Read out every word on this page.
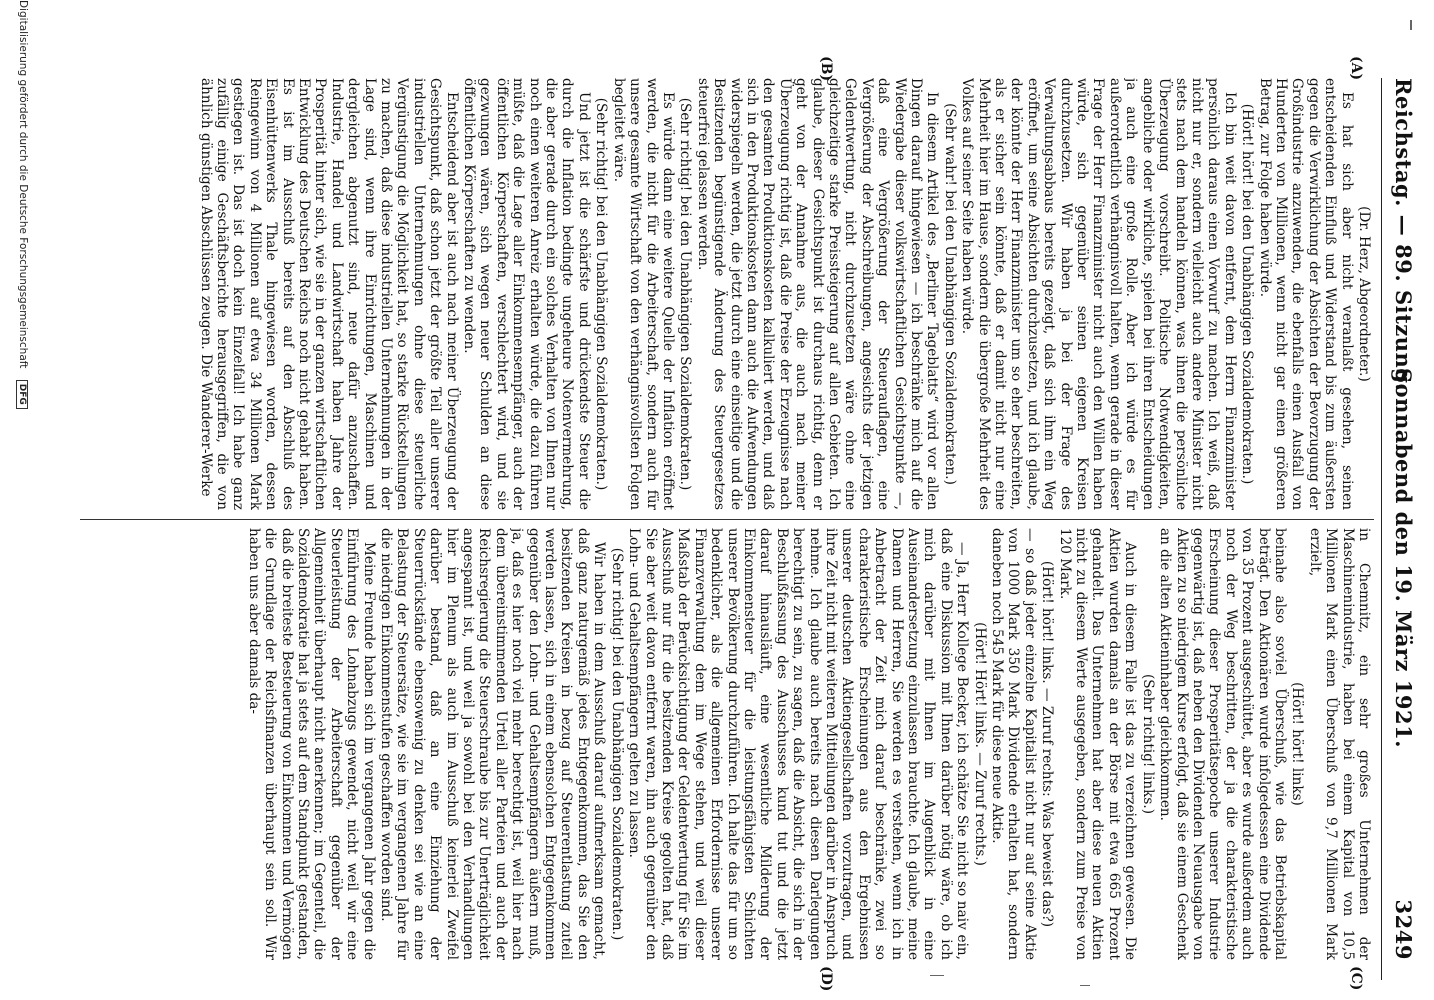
Reichstag. — 89. Sitzung.
Sonnabend den 19. März 1921.
3249
(A)
(B)
(C)
(D)

(Dr. Herz, Abgeordneter.)

Es hat sich aber nicht veranlaßt gesehen, seinen entscheidenden Einfluß und Widerstand bis zum äußersten gegen die Verwirklichung der Absichten der Bevorzugung der Großindustrie anzuwenden, die ebenfalls einen Ausfall von Hunderten von Millionen, wenn nicht gar einen größeren Betrag, zur Folge haben würde.

(Hört! hört! bei den Unabhängigen Sozialdemokraten.)

Ich bin weit davon entfernt, dem Herrn Finanzminister persönlich daraus einen Vorwurf zu machen. Ich weiß, daß nicht nur er, sondern vielleicht auch andere Minister nicht stets nach dem handeln können, was ihnen die persönliche Überzeugung vorschreibt. Politische Notwendigkeiten, angebliche oder wirkliche, spielen bei ihren Entscheidungen ja auch eine große Rolle. Aber ich würde es für außerordentlich verhängnisvoll halten, wenn gerade in dieser Frage der Herr Finanzminister nicht auch den Willen haben würde, sich gegenüber seinen eigenen Kreisen durchzusetzen. Wir haben ja bei der Frage des Verwaltungsabbaus bereits gezeigt, daß sich ihm ein Weg eröffnet, um seine Absichten durchzusetzen, und ich glaube, der könnte der Herr Finanzminister um so eher beschreiten, als er sicher sein könnte, daß er damit nicht nur eine Mehrheit hier im Hause, sondern die übergroße Mehrheit des Volkes auf seiner Seite haben würde.

(Sehr wahr! bei den Unabhängigen Sozialdemokraten.)

In diesem Artikel des „Berliner Tageblatts“ wird vor allen Dingen darauf hingewiesen — ich beschränke mich auf die Wiedergabe dieser volkswirtschaftlichen Gesichtspunkte —, daß eine Vergrößerung der Steuerauflagen, eine Vergrößerung der Abschreibungen, angesichts der jetzigen Geldentwertung, nicht durchzusetzen wäre ohne eine gleichzeitige starke Preissteigerung auf allen Gebieten. Ich glaube, dieser Gesichtspunkt ist durchaus richtig, denn er geht von der Annahme aus, die auch nach meiner Überzeugung richtig ist, daß die Preise der Erzeugnisse nach den gesamten Produktionskosten kalkuliert werden, und daß sich in den Produktionskosten dann auch die Aufwendungen widerspiegeln werden, die jetzt durch eine einseitige und die Besitzenden begünstigende Änderung des Steuergesetzes steuerfrei gelassen werden.

(Sehr richtig! bei den Unabhängigen Sozialdemokraten.)

Es würde dann eine weitere Quelle der Inflation eröffnet werden, die nicht für die Arbeiterschaft, sondern auch für unsere gesamte Wirtschaft von den verhängnisvollsten Folgen begleitet wäre.

(Sehr richtig! bei den Unabhängigen Sozialdemokraten.)

Und jetzt ist die schärfste und drückendste Steuer die durch die Inflation bedingte ungeheure Notenvermehrung, die aber gerade durch ein solches Verhalten von Ihnen nur noch einen weiteren Anreiz erhalten würde, die dazu führen müßte, daß die Lage aller Einkommensempfänger, auch der öffentlichen Körperschaften, verschlechtert wird, und sie gezwungen wären, sich wegen neuer Schulden an diese öffentlichen Körperschaften zu wenden.

Entscheidend aber ist auch nach meiner Überzeugung der Gesichtspunkt, daß schon jetzt der größte Teil aller unserer industriellen Unternehmungen ohne diese steuerliche Vergünstigung die Möglichkeit hat, so starke Rückstellungen zu machen, daß diese industriellen Unternehmungen in der Lage sind, wenn ihre Einrichtungen, Maschinen und dergleichen abgenutzt sind, neue dafür anzuschaffen. Industrie, Handel und Landwirtschaft haben Jahre der Prosperität hinter sich, wie sie in der ganzen wirtschaftlichen Entwicklung des Deutschen Reichs noch nicht gehabt haben. Es ist im Ausschuß bereits auf den Abschluß des Eisenhüttenwerks Thale hingewiesen worden, dessen Reingewinn von 4 Millionen auf etwa 34 Millionen Mark gestiegen ist. Das ist doch kein Einzelfall! Ich habe ganz zufällig einige Geschäftsberichte herausgegriffen, die von ähnlich günstigen Abschlüssen zeugen. Die Wanderer-Werke

in Chemnitz, ein sehr großes Unternehmen der Maschinenindustrie, haben bei einem Kapital von 10,5 Millionen Mark einen Überschuß von 9,7 Millionen Mark erzielt,

(Hört! hört! links)

beinahe also soviel Überschuß, wie das Betriebskapital beträgt. Den Aktionären wurde infolgedessen eine Dividende von 35 Prozent ausgeschüttet, aber es wurde außerdem auch noch der Weg beschritten, der ja die charakteristische Erscheinung dieser Prosperitätsepoche unserer Industrie gegenwärtig ist, daß neben den Dividenden Neuausgabe von Aktien zu so niedrigem Kurse erfolgt, daß sie einem Geschenk an die alten Aktieninhaber gleichkommen.

(Sehr richtig! links.)

Auch in diesem Falle ist das zu verzeichnen gewesen. Die Aktien wurden damals an der Börse mit etwa 665 Prozent gehandelt. Das Unternehmen hat aber diese neuen Aktien nicht zu diesem Werte ausgegeben, sondern zum Preise von 120 Mark.

(Hört! hört! links. — Zuruf rechts: Was beweist das?)

— so daß jeder einzelne Kapitalist nicht nur auf seine Aktie von 1000 Mark 350 Mark Dividende erhalten hat, sondern daneben noch 545 Mark für diese neue Aktie.

(Hört! Hört! links. — Zuruf rechts.)

— Ja, Herr Kollege Becker, ich schätze Sie nicht so naiv ein, daß eine Diskussion mit Ihnen darüber nötig wäre, ob ich mich darüber mit Ihnen im Augenblick in eine Auseinandersetzung einzulassen brauchte. Ich glaube, meine Damen und Herren, Sie werden es verstehen, wenn ich in Anbetracht der Zeit mich darauf beschränke, zwei so charakteristische Erscheinungen aus den Ergebnissen unserer deutschen Aktiengesellschaften vorzutragen, und ihre Zeit nicht mit weiteren Mitteilungen darüber in Anspruch nehme. Ich glaube auch bereits nach diesen Darlegungen berechtigt zu sein, zu sagen, daß die Absicht, die sich in der Beschlußfassung des Ausschusses kund tut und die jetzt darauf hinausläuft, eine wesentliche Milderung der Einkommensteuer für die leistungsfähigsten Schichten unserer Bevölkerung durchzuführen. Ich halte das für um so bedenklicher, als die allgemeinen Erfordernisse unserer Finanzverwaltung dem im Wege stehen, und weil dieser Maßstab der Berücksichtigung der Geldentwertung für Sie im Ausschuß nur für die besitzenden Kreise gegolten hat, daß Sie aber weit davon entfernt waren, ihn auch gegenüber den Lohn- und Gehaltsempfängern gelten zu lassen.

(Sehr richtig! bei den Unabhängigen Sozialdemokraten.)

Wir haben in dem Ausschuß darauf aufmerksam gemacht, daß ganz naturgemäß jedes Entgegenkommen, das Sie den besitzenden Kreisen in bezug auf Steuerentlastung zuteil werden lassen, sich in einem ebensolchen Entgegenkommen gegenüber den Lohn- und Gehaltsempfängern äußern muß, ja, daß es hier noch viel mehr berechtigt ist, weil hier nach dem übereinstimmenden Urteil aller Parteien und auch der Reichsregierung die Steuerschraube bis zur Unerträglichkeit angespannt ist, und weil ja sowohl bei den Verhandlungen hier im Plenum als auch im Ausschuß keinerlei Zweifel darüber bestand, daß an eine Einziehung der Steuerrückstände ebensowenig zu denken sei wie an eine Belastung der Steuersätze, wie sie im vergangenen Jahre für die niedrigen Einkommenstufen geschaffen worden sind.

Meine Freunde haben sich im vergangenen Jahr gegen die Einführung des Lohnabzugs gewendet, nicht weil wir eine Steuerleistung der Arbeiterschaft gegenüber der Allgemeinheit überhaupt nicht anerkennen; im Gegenteil, die Sozialdemokratie hat ja stets auf dem Standpunkt gestanden, daß die breiteste Besteuerung von Einkommen und Vermögen die Grundlage der Reichsfinanzen überhaupt sein soll. Wir haben uns aber damals da-

Digitalisierung gefördert durch die Deutsche Forschungsgemeinschaft DFG
